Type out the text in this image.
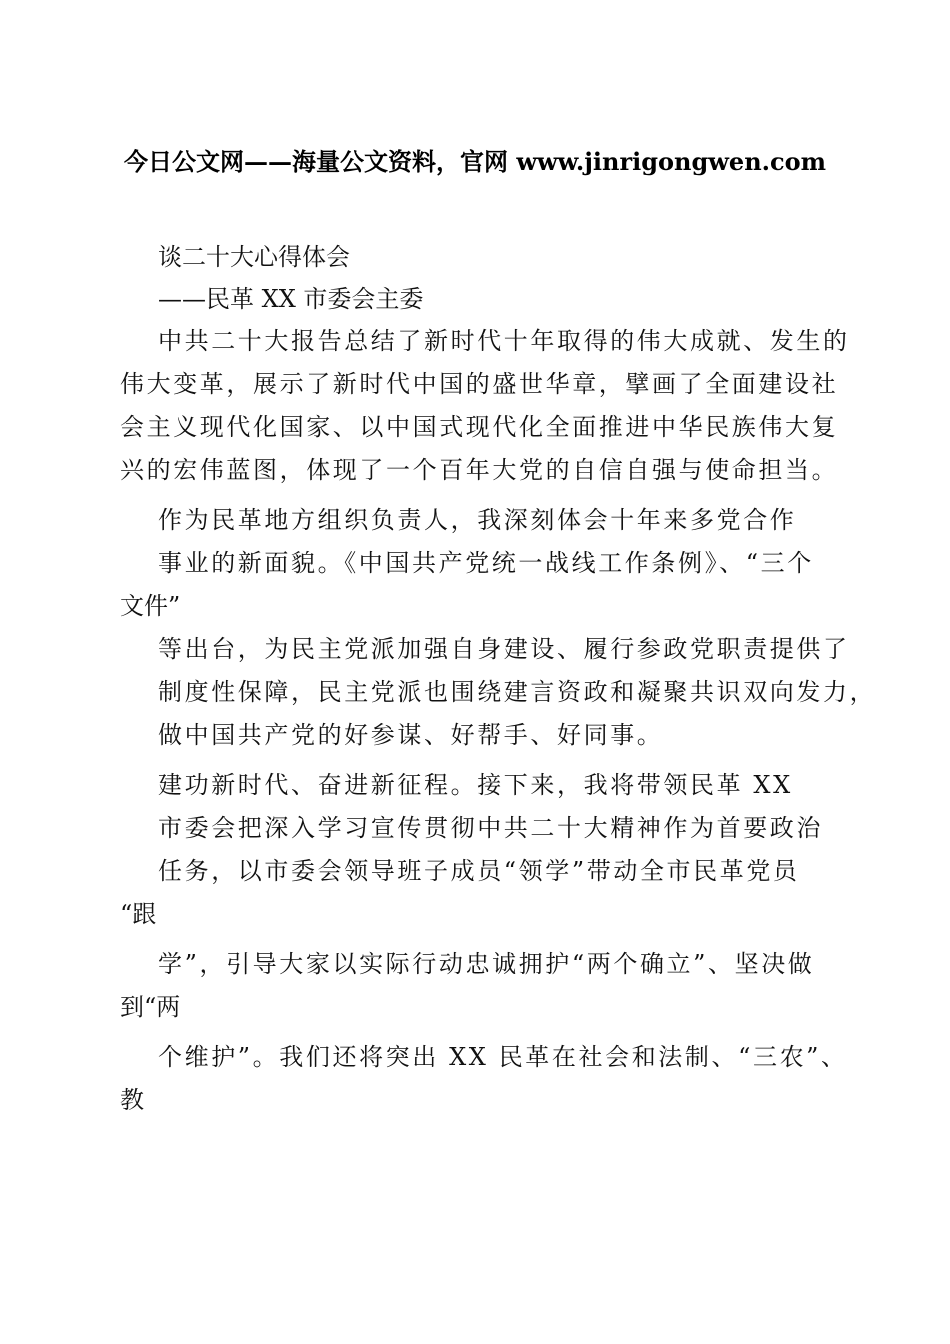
今日公文网——海量公文资料，官网 www.jinrigongwen.com
谈二十大心得体会
——民革 XX 市委会主委
中共二十大报告总结了新时代十年取得的伟大成就、发生的
伟大变革，展示了新时代中国的盛世华章，擘画了全面建设社
会主义现代化国家、以中国式现代化全面推进中华民族伟大复
兴的宏伟蓝图，体现了一个百年大党的自信自强与使命担当。
作为民革地方组织负责人，我深刻体会十年来多党合作
事业的新面貌。《中国共产党统一战线工作条例》、“三个
文件”
等出台，为民主党派加强自身建设、履行参政党职责提供了
制度性保障，民主党派也围绕建言资政和凝聚共识双向发力，
做中国共产党的好参谋、好帮手、好同事。
建功新时代、奋进新征程。接下来，我将带领民革 XX
市委会把深入学习宣传贯彻中共二十大精神作为首要政治
任务，以市委会领导班子成员“领学”带动全市民革党员
“跟
学”，引导大家以实际行动忠诚拥护“两个确立”、坚决做
到“两
个维护”。我们还将突出 XX 民革在社会和法制、“三农”、
教
